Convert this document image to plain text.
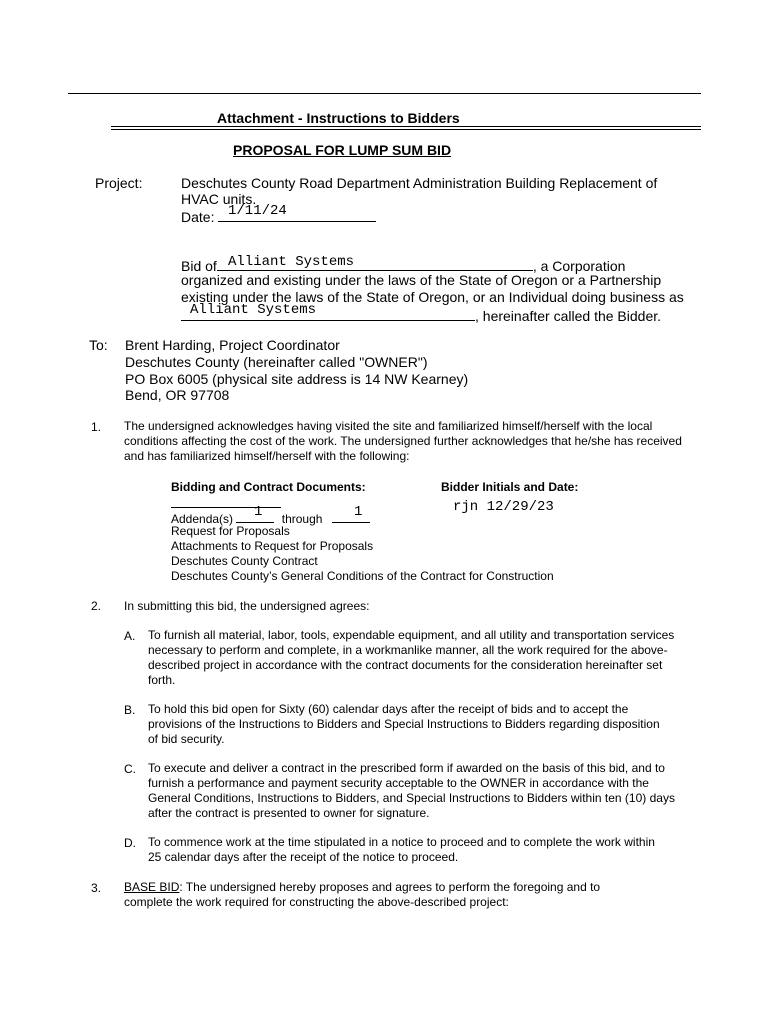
Attachment - Instructions to Bidders
PROPOSAL FOR LUMP SUM BID
Project:	Deschutes County Road Department Administration Building Replacement of
HVAC units.
Date: 1/11/24
Bid of	, a Corporation
Alliant Systems
organized and existing under the laws of the State of Oregon or a Partnership
existing under the laws of the State of Oregon, or an Individual doing business as
, hereinafter called the Bidder.
Alliant Systems
To: Brent Harding, Project Coordinator
Deschutes County (hereinafter called "OWNER")
PO Box 6005 (physical site address is 14 NW Kearney)
Bend, OR 97708
1. The undersigned acknowledges having visited the site and familiarized himself/herself with the local conditions affecting the cost of the work. The undersigned further acknowledges that he/she has received and has familiarized himself/herself with the following:
Bidding and Contract Documents:	Bidder Initials and Date:
rjn 12/29/23
Addenda(s)	through
1	1
Request for Proposals
Attachments to Request for Proposals
Deschutes County Contract
Deschutes County’s General Conditions of the Contract for Construction
2. In submitting this bid, the undersigned agrees:
A. To furnish all material, labor, tools, expendable equipment, and all utility and transportation services necessary to perform and complete, in a workmanlike manner, all the work required for the above-described project in accordance with the contract documents for the consideration hereinafter set forth.
B. To hold this bid open for Sixty (60) calendar days after the receipt of bids and to accept the provisions of the Instructions to Bidders and Special Instructions to Bidders regarding disposition of bid security.
C. To execute and deliver a contract in the prescribed form if awarded on the basis of this bid, and to furnish a performance and payment security acceptable to the OWNER in accordance with the General Conditions, Instructions to Bidders, and Special Instructions to Bidders within ten (10) days after the contract is presented to owner for signature.
D. To commence work at the time stipulated in a notice to proceed and to complete the work within 25 calendar days after the receipt of the notice to proceed.
3. BASE BID: The undersigned hereby proposes and agrees to perform the foregoing and to complete the work required for constructing the above-described project:
